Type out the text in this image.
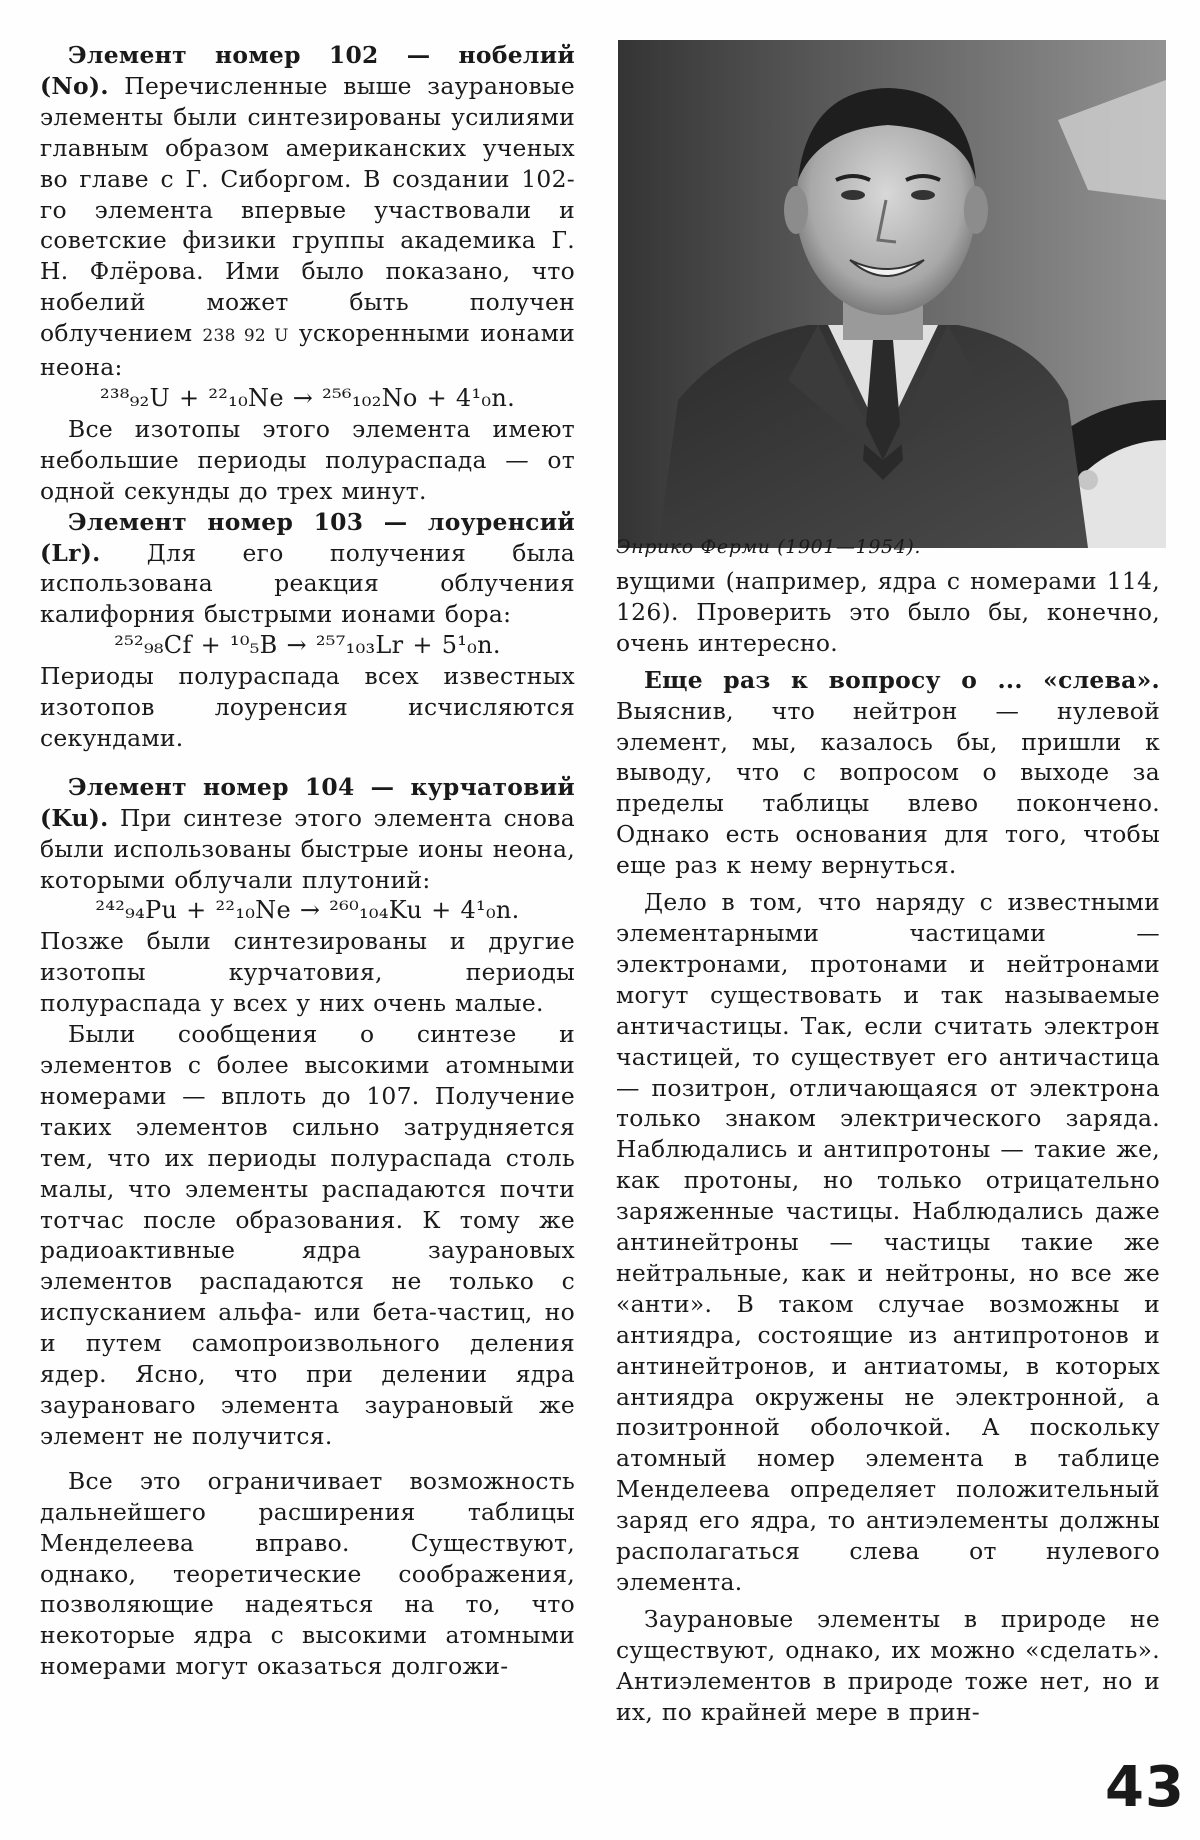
Элемент номер 102 — нобелий (No). Перечисленные выше заурановые элементы были синтезированы усилиями главным образом американских ученых во главе с Г. Сиборгом. В создании 102-го элемента впервые участвовали и советские физики группы академика Г. Н. Флёрова. Ими было показано, что нобелий может быть получен облучением 238 92 U ускоренными ионами неона:

²³⁸₉₂U + ²²₁₀Ne → ²⁵⁶₁₀₂No + 4¹₀n.

Все изотопы этого элемента имеют небольшие периоды полураспада — от одной секунды до трех минут.

Элемент номер 103 — лоуренсий (Lr). Для его получения была использована реакция облучения калифорния быстрыми ионами бора:

²⁵²₉₈Cf + ¹⁰₅B → ²⁵⁷₁₀₃Lr + 5¹₀n.

Периоды полураспада всех известных изотопов лоуренсия исчисляются секундами.

Элемент номер 104 — курчатовий (Ku). При синтезе этого элемента снова были использованы быстрые ионы неона, которыми облучали плутоний:

²⁴²₉₄Pu + ²²₁₀Ne → ²⁶⁰₁₀₄Ku + 4¹₀n.

Позже были синтезированы и другие изотопы курчатовия, периоды полураспада у всех у них очень малые.

Были сообщения о синтезе и элементов с более высокими атомными номерами — вплоть до 107. Получение таких элементов сильно затрудняется тем, что их периоды полураспада столь малы, что элементы распадаются почти тотчас после образования. К тому же радиоактивные ядра заурановых элементов распадаются не только с испусканием альфа- или бета-частиц, но и путем самопроизвольного деления ядер. Ясно, что при делении ядра заурановаго элемента заурановый же элемент не получится.

Все это ограничивает возможность дальнейшего расширения таблицы Менделеева вправо. Существуют, однако, теоретические соображения, позволяющие надеяться на то, что некоторые ядра с высокими атомными номерами могут оказаться долгожи-

Энрико Ферми (1901—1954).

вущими (например, ядра с номерами 114, 126). Проверить это было бы, конечно, очень интересно.

Еще раз к вопросу о ... «слева». Выяснив, что нейтрон — нулевой элемент, мы, казалось бы, пришли к выводу, что с вопросом о выходе за пределы таблицы влево покончено. Однако есть основания для того, чтобы еще раз к нему вернуться.

Дело в том, что наряду с известными элементарными частицами — электронами, протонами и нейтронами могут существовать и так называемые античастицы. Так, если считать электрон частицей, то существует его античастица — позитрон, отличающаяся от электрона только знаком электрического заряда. Наблюдались и антипротоны — такие же, как протоны, но только отрицательно заряженные частицы. Наблюдались даже антинейтроны — частицы такие же нейтральные, как и нейтроны, но все же «анти». В таком случае возможны и антиядра, состоящие из антипротонов и антинейтронов, и антиатомы, в которых антиядра окружены не электронной, а позитронной оболочкой. А поскольку атомный номер элемента в таблице Менделеева определяет положительный заряд его ядра, то антиэлементы должны располагаться слева от нулевого элемента.

Заурановые элементы в природе не существуют, однако, их можно «сделать». Антиэлементов в природе тоже нет, но и их, по крайней мере в прин-

43
